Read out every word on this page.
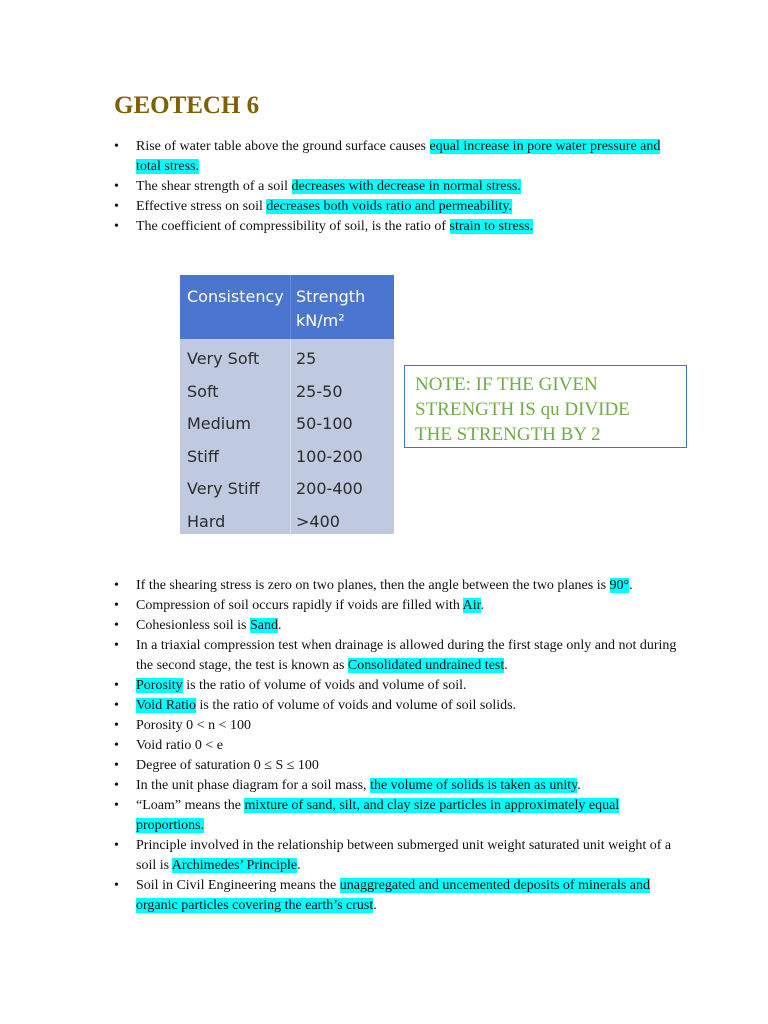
GEOTECH 6
•	Rise of water table above the ground surface causes equal increase in pore water pressure and total stress.
•	The shear strength of a soil decreases with decrease in normal stress.
•	Effective stress on soil decreases both voids ratio and permeability.
•	The coefficient of compressibility of soil, is the ratio of strain to stress.
Consistency Strength
kN/m²
Very Soft 25
Soft	25-50
Medium	50-100
Stiff	100-200
Very Stiff 200-400
Hard	>400
NOTE: IF THE GIVEN
STRENGTH IS qu DIVIDE
THE STRENGTH BY 2
•	If the shearing stress is zero on two planes, then the angle between the two planes is 90°.
•	Compression of soil occurs rapidly if voids are filled with Air.
•	Cohesionless soil is Sand.
•	In a triaxial compression test when drainage is allowed during the first stage only and not during the second stage, the test is known as Consolidated undrained test.
•	Porosity is the ratio of volume of voids and volume of soil.
•	Void Ratio is the ratio of volume of voids and volume of soil solids.
•	Porosity 0 < n < 100
•	Void ratio 0 < e
•	Degree of saturation 0 ≤ S ≤ 100
•	In the unit phase diagram for a soil mass, the volume of solids is taken as unity.
•	“Loam” means the mixture of sand, silt, and clay size particles in approximately equal proportions.
•	Principle involved in the relationship between submerged unit weight saturated unit weight of a soil is Archimedes’ Principle.
•	Soil in Civil Engineering means the unaggregated and uncemented deposits of minerals and organic particles covering the earth’s crust.
